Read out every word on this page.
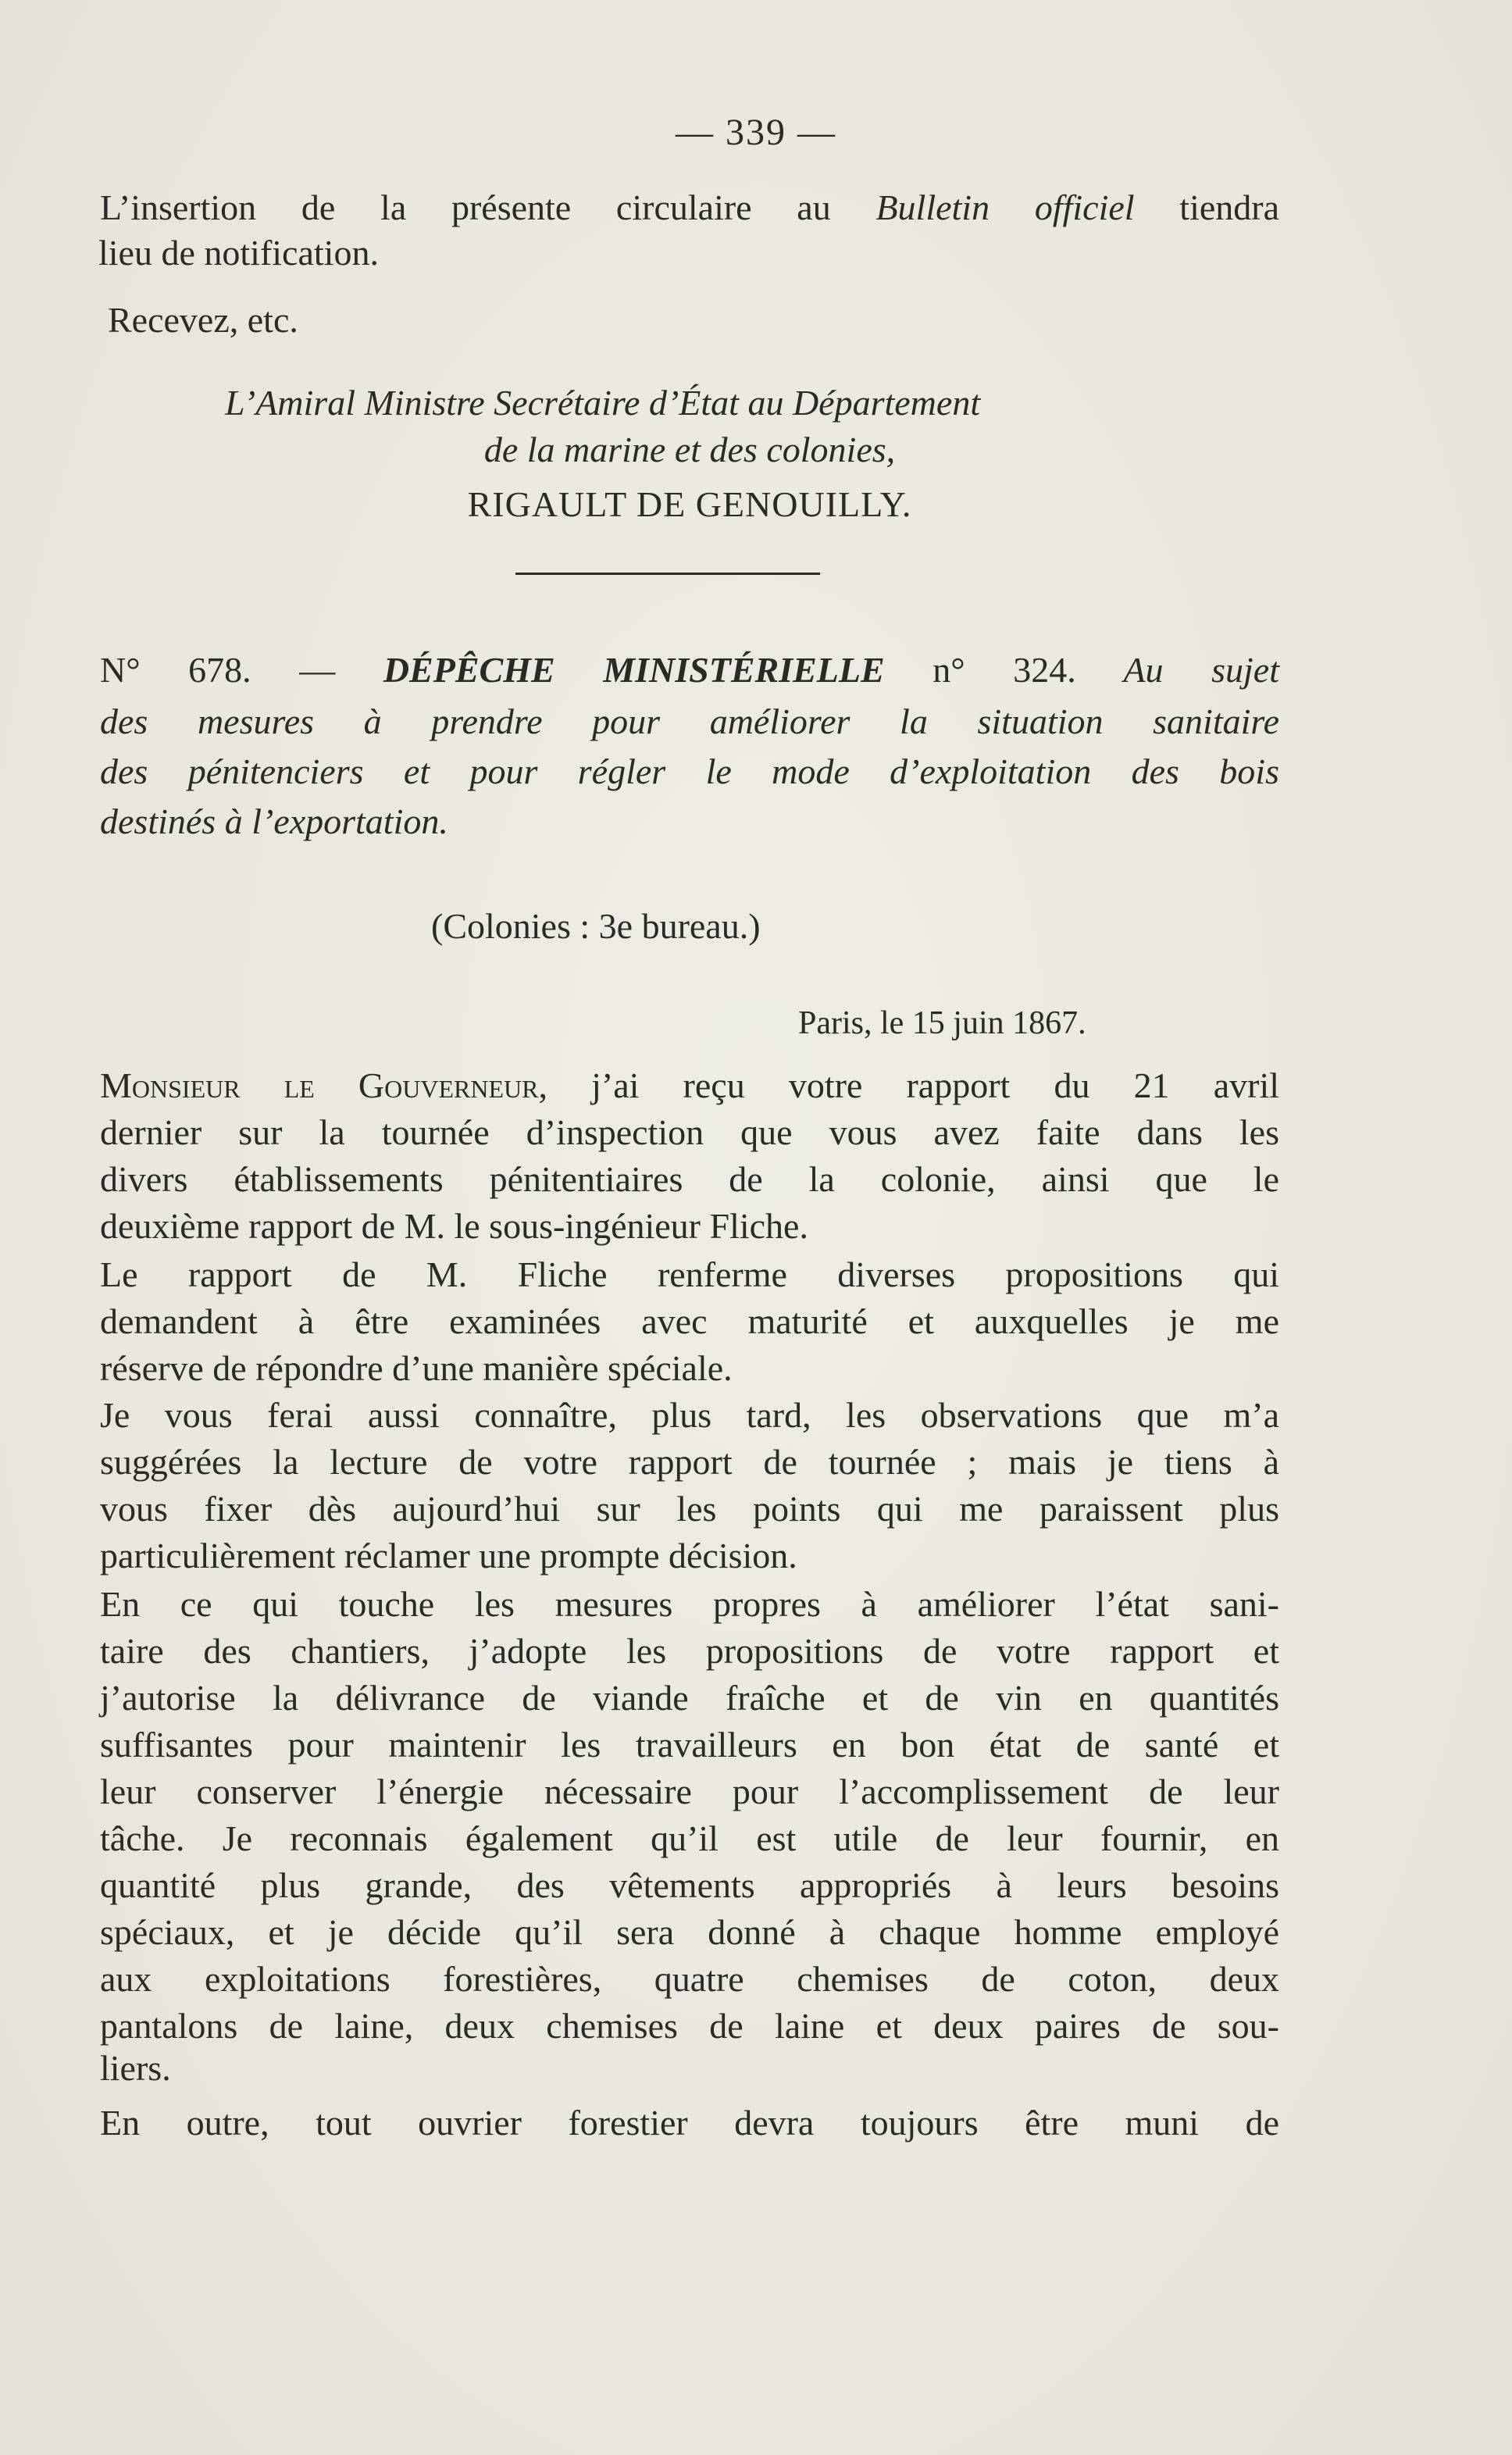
— 339 —
L’insertion de la présente circulaire au Bulletin officiel tiendra
lieu de notification.
Recevez, etc.
L’Amiral Ministre Secrétaire d’État au Département
de la marine et des colonies,
RIGAULT DE GENOUILLY.
N° 678. — DÉPÊCHE MINISTÉRIELLE n° 324. Au sujet
des mesures à prendre pour améliorer la situation sanitaire
des pénitenciers et pour régler le mode d’exploitation des bois
destinés à l’exportation.
(Colonies : 3e bureau.)
Paris, le 15 juin 1867.
Monsieur le Gouverneur, j’ai reçu votre rapport du 21 avril
dernier sur la tournée d’inspection que vous avez faite dans les
divers établissements pénitentiaires de la colonie, ainsi que le
deuxième rapport de M. le sous-ingénieur Fliche.
Le rapport de M. Fliche renferme diverses propositions qui
demandent à être examinées avec maturité et auxquelles je me
réserve de répondre d’une manière spéciale.
Je vous ferai aussi connaître, plus tard, les observations que m’a
suggérées la lecture de votre rapport de tournée ; mais je tiens à
vous fixer dès aujourd’hui sur les points qui me paraissent plus
particulièrement réclamer une prompte décision.
En ce qui touche les mesures propres à améliorer l’état sani-
taire des chantiers, j’adopte les propositions de votre rapport et
j’autorise la délivrance de viande fraîche et de vin en quantités
suffisantes pour maintenir les travailleurs en bon état de santé et
leur conserver l’énergie nécessaire pour l’accomplissement de leur
tâche. Je reconnais également qu’il est utile de leur fournir, en
quantité plus grande, des vêtements appropriés à leurs besoins
spéciaux, et je décide qu’il sera donné à chaque homme employé
aux exploitations forestières, quatre chemises de coton, deux
pantalons de laine, deux chemises de laine et deux paires de sou-
liers.
En outre, tout ouvrier forestier devra toujours être muni de
